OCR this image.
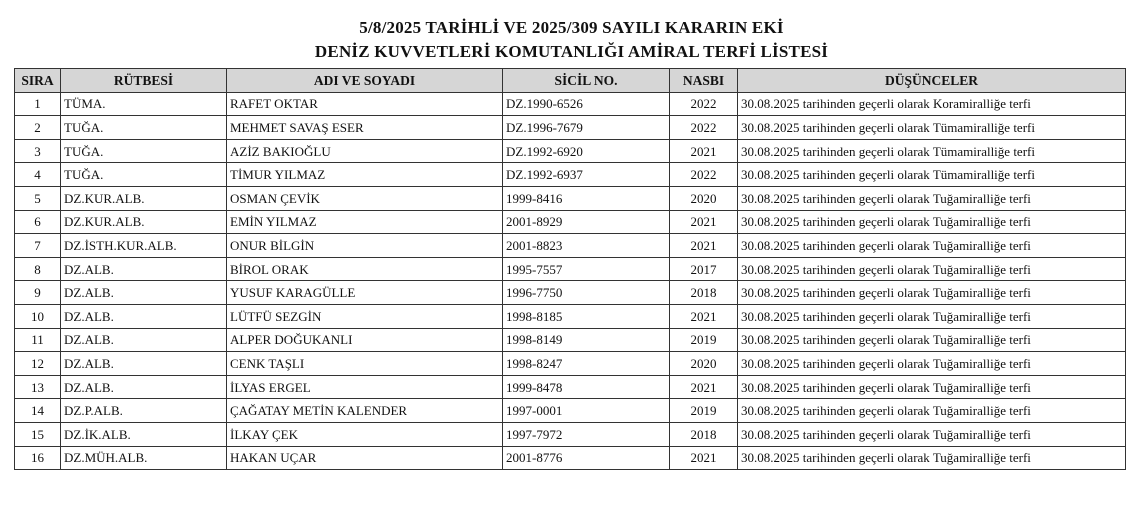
5/8/2025 TARİHLİ VE 2025/309 SAYILI KARARIN EKİ
DENİZ KUVVETLERİ KOMUTANLIĞI AMİRAL TERFİ LİSTESİ
SIRA	RÜTBESİ	ADI VE SOYADI	SİCİL NO.	NASBI	DÜŞÜNCELER
1	TÜMA.	RAFET OKTAR	DZ.1990-6526	2022	30.08.2025 tarihinden geçerli olarak Koramiralliğe terfi
2	TUĞA.	MEHMET SAVAŞ ESER	DZ.1996-7679	2022	30.08.2025 tarihinden geçerli olarak Tümamiralliğe terfi
3	TUĞA.	AZİZ BAKIOĞLU	DZ.1992-6920	2021	30.08.2025 tarihinden geçerli olarak Tümamiralliğe terfi
4	TUĞA.	TİMUR YILMAZ	DZ.1992-6937	2022	30.08.2025 tarihinden geçerli olarak Tümamiralliğe terfi
5	DZ.KUR.ALB.	OSMAN ÇEVİK	1999-8416	2020	30.08.2025 tarihinden geçerli olarak Tuğamiralliğe terfi
6	DZ.KUR.ALB.	EMİN YILMAZ	2001-8929	2021	30.08.2025 tarihinden geçerli olarak Tuğamiralliğe terfi
7	DZ.İSTH.KUR.ALB.	ONUR BİLGİN	2001-8823	2021	30.08.2025 tarihinden geçerli olarak Tuğamiralliğe terfi
8	DZ.ALB.	BİROL ORAK	1995-7557	2017	30.08.2025 tarihinden geçerli olarak Tuğamiralliğe terfi
9	DZ.ALB.	YUSUF KARAGÜLLE	1996-7750	2018	30.08.2025 tarihinden geçerli olarak Tuğamiralliğe terfi
10	DZ.ALB.	LÜTFÜ SEZGİN	1998-8185	2021	30.08.2025 tarihinden geçerli olarak Tuğamiralliğe terfi
11	DZ.ALB.	ALPER DOĞUKANLI	1998-8149	2019	30.08.2025 tarihinden geçerli olarak Tuğamiralliğe terfi
12	DZ.ALB.	CENK TAŞLI	1998-8247	2020	30.08.2025 tarihinden geçerli olarak Tuğamiralliğe terfi
13	DZ.ALB.	İLYAS ERGEL	1999-8478	2021	30.08.2025 tarihinden geçerli olarak Tuğamiralliğe terfi
14	DZ.P.ALB.	ÇAĞATAY METİN KALENDER	1997-0001	2019	30.08.2025 tarihinden geçerli olarak Tuğamiralliğe terfi
15	DZ.İK.ALB.	İLKAY ÇEK	1997-7972	2018	30.08.2025 tarihinden geçerli olarak Tuğamiralliğe terfi
16	DZ.MÜH.ALB.	HAKAN UÇAR	2001-8776	2021	30.08.2025 tarihinden geçerli olarak Tuğamiralliğe terfi
